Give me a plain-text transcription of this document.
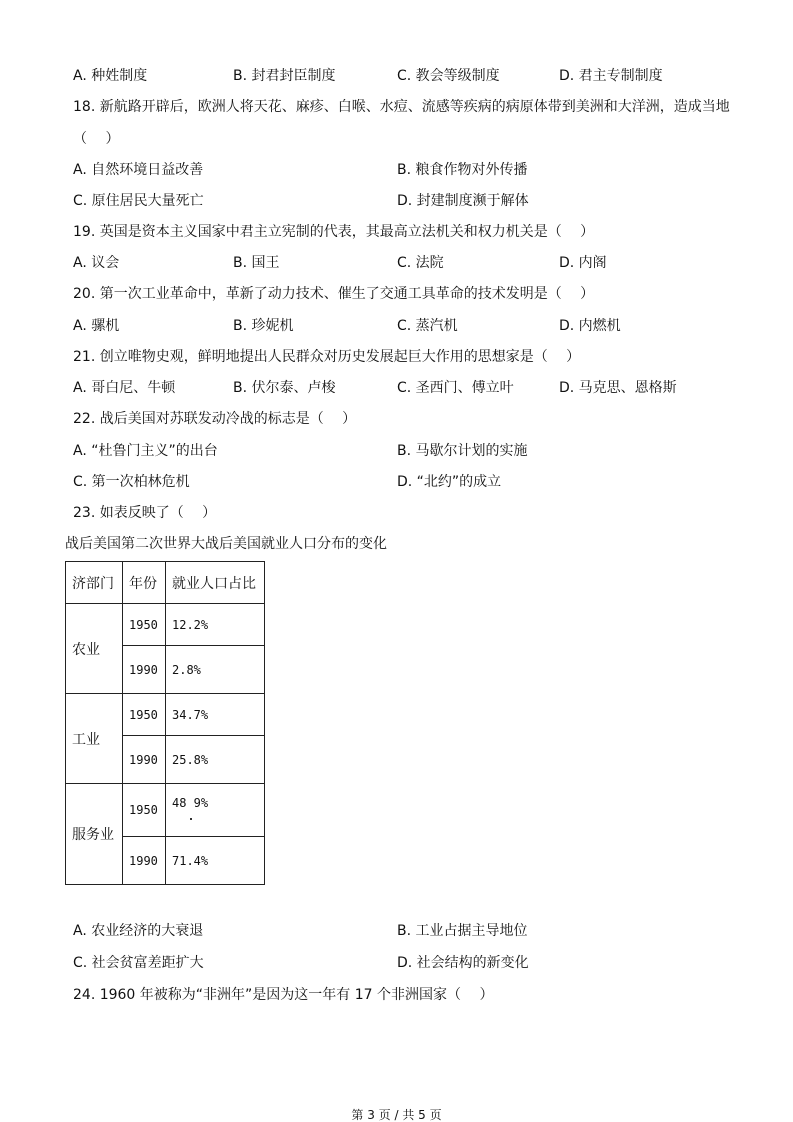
A. 种姓制度	B. 封君封臣制度	C. 教会等级制度	D. 君主专制制度
18. 新航路开辟后，欧洲人将天花、麻疹、白喉、水痘、流感等疾病的病原体带到美洲和大洋洲，造成当地
（　 ）
A. 自然环境日益改善	B. 粮食作物对外传播
C. 原住居民大量死亡	D. 封建制度濒于解体
19. 英国是资本主义国家中君主立宪制的代表，其最高立法机关和权力机关是（　 ）
A. 议会	B. 国王	C. 法院	D. 内阁
20. 第一次工业革命中，革新了动力技术、催生了交通工具革命的技术发明是（　 ）
A. 骡机	B. 珍妮机	C. 蒸汽机	D. 内燃机
21. 创立唯物史观，鲜明地提出人民群众对历史发展起巨大作用的思想家是（　 ）
A. 哥白尼、牛顿	B. 伏尔泰、卢梭	C. 圣西门、傅立叶	D. 马克思、恩格斯
22. 战后美国对苏联发动冷战的标志是（　 ）
A. “杜鲁门主义”的出台	B. 马歇尔计划的实施
C. 第一次柏林危机	D. “北约”的成立
23. 如表反映了（　 ）
战后美国第二次世界大战后美国就业人口分布的变化
济部门	年份	就业人口占比
农业	1950	12.2%
	1990	2.8%
工业	1950	34.7%
	1990	25.8%
服务业	1950	48 9%
	1990	71.4%
A. 农业经济的大衰退	B. 工业占据主导地位
C. 社会贫富差距扩大	D. 社会结构的新变化
24. 1960 年被称为“非洲年”是因为这一年有 17 个非洲国家（　 ）
第 3 页 / 共 5 页
